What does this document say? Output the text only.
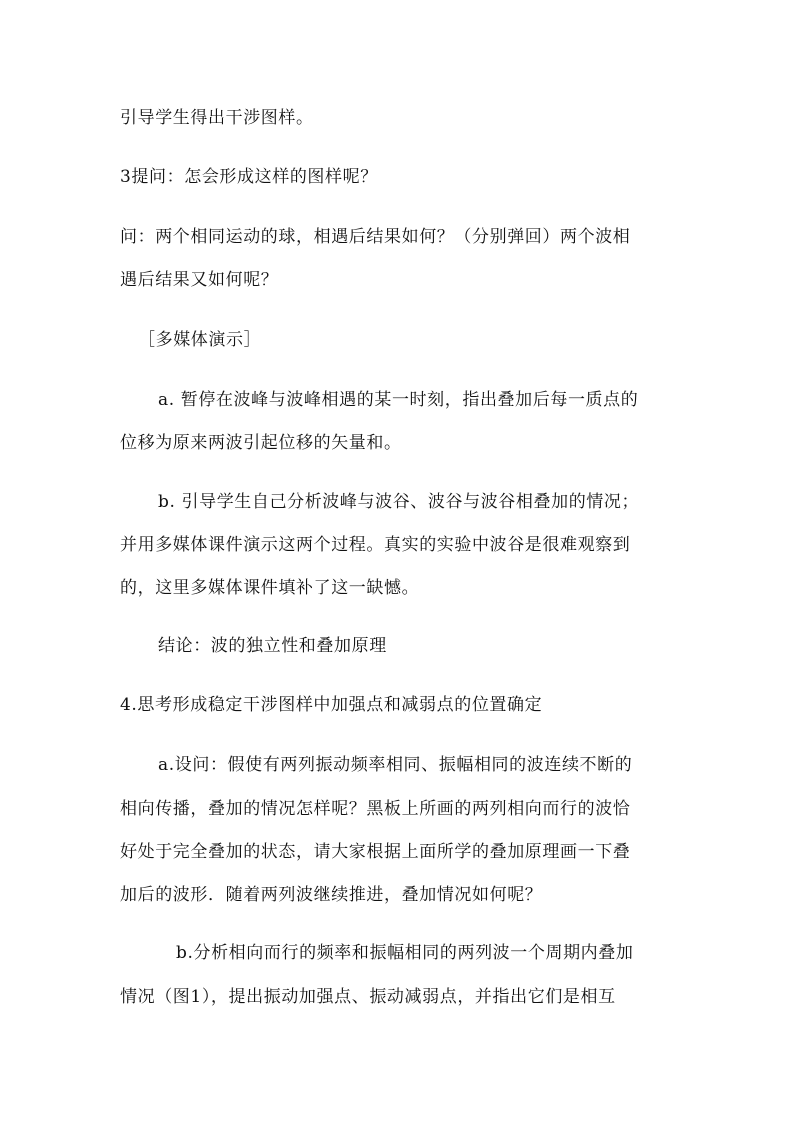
引导学生得出干涉图样。
3提问：怎会形成这样的图样呢？
问：两个相同运动的球，相遇后结果如何？（分别弹回）两个波相
遇后结果又如何呢？
［多媒体演示］
a. 暂停在波峰与波峰相遇的某一时刻，指出叠加后每一质点的
位移为原来两波引起位移的矢量和。
b. 引导学生自己分析波峰与波谷、波谷与波谷相叠加的情况；
并用多媒体课件演示这两个过程。真实的实验中波谷是很难观察到
的，这里多媒体课件填补了这一缺憾。
结论：波的独立性和叠加原理
4.思考形成稳定干涉图样中加强点和减弱点的位置确定
a.设问：假使有两列振动频率相同、振幅相同的波连续不断的
相向传播，叠加的情况怎样呢？黑板上所画的两列相向而行的波恰
好处于完全叠加的状态，请大家根据上面所学的叠加原理画一下叠
加后的波形．随着两列波继续推进，叠加情况如何呢？
b.分析相向而行的频率和振幅相同的两列波一个周期内叠加
情况（图1），提出振动加强点、振动减弱点，并指出它们是相互
